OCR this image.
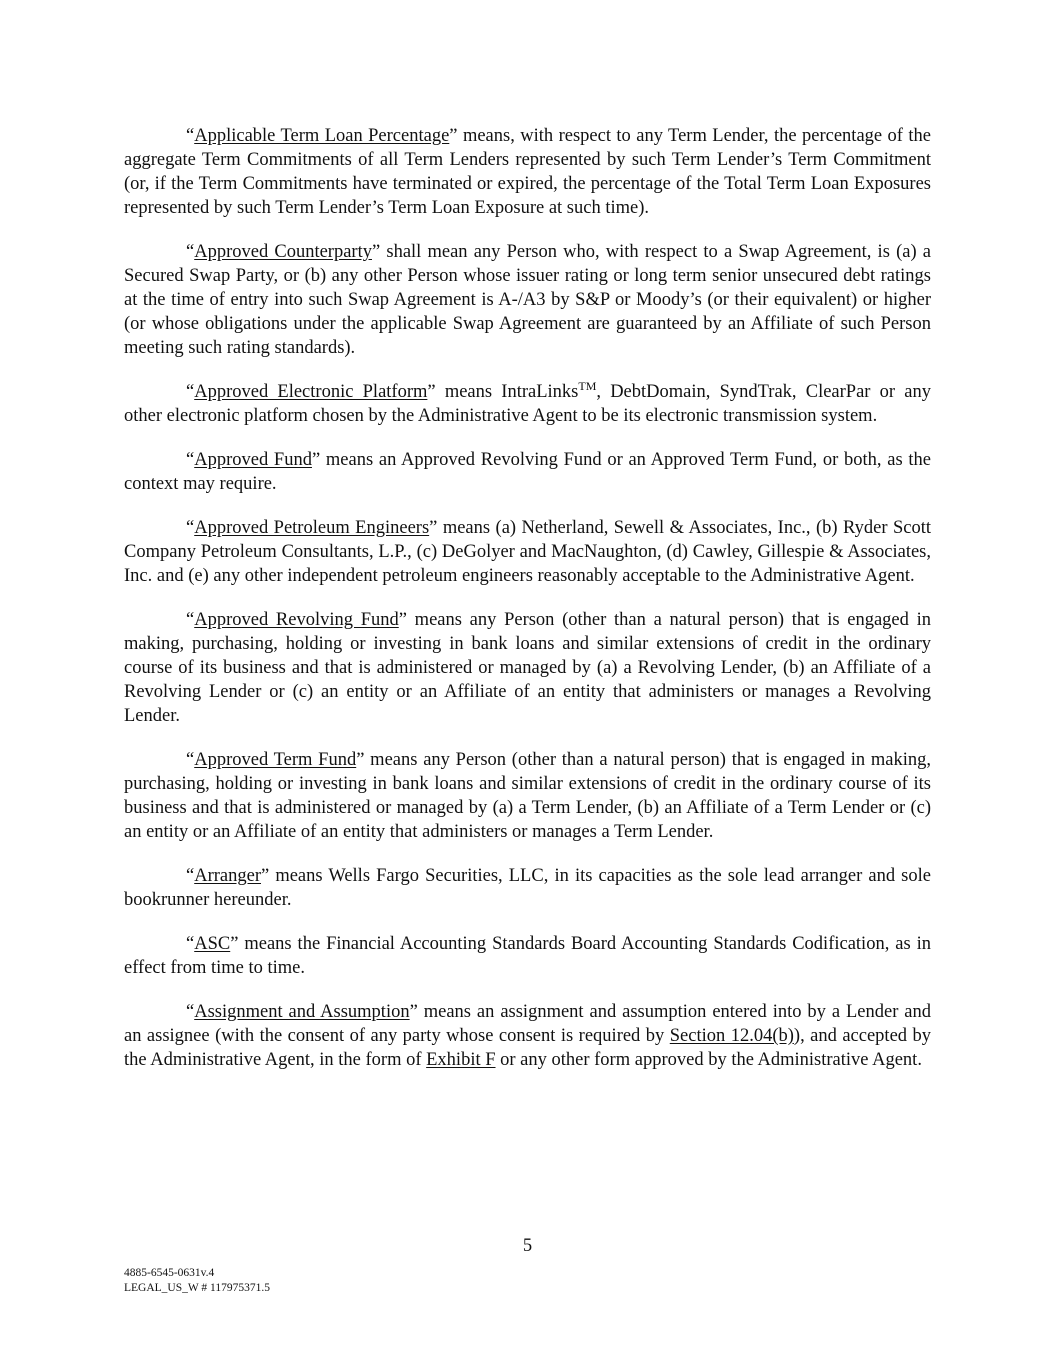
“Applicable Term Loan Percentage” means, with respect to any Term Lender, the percentage of the aggregate Term Commitments of all Term Lenders represented by such Term Lender’s Term Commitment (or, if the Term Commitments have terminated or expired, the percentage of the Total Term Loan Exposures represented by such Term Lender’s Term Loan Exposure at such time).

“Approved Counterparty” shall mean any Person who, with respect to a Swap Agreement, is (a) a Secured Swap Party, or (b) any other Person whose issuer rating or long term senior unsecured debt ratings at the time of entry into such Swap Agreement is A-/A3 by S&P or Moody’s (or their equivalent) or higher (or whose obligations under the applicable Swap Agreement are guaranteed by an Affiliate of such Person meeting such rating standards).

“Approved Electronic Platform” means IntraLinks™, DebtDomain, SyndTrak, ClearPar or any other electronic platform chosen by the Administrative Agent to be its electronic transmission system.

“Approved Fund” means an Approved Revolving Fund or an Approved Term Fund, or both, as the context may require.

“Approved Petroleum Engineers” means (a) Netherland, Sewell & Associates, Inc., (b) Ryder Scott Company Petroleum Consultants, L.P., (c) DeGolyer and MacNaughton, (d) Cawley, Gillespie & Associates, Inc. and (e) any other independent petroleum engineers reasonably acceptable to the Administrative Agent.

“Approved Revolving Fund” means any Person (other than a natural person) that is engaged in making, purchasing, holding or investing in bank loans and similar extensions of credit in the ordinary course of its business and that is administered or managed by (a) a Revolving Lender, (b) an Affiliate of a Revolving Lender or (c) an entity or an Affiliate of an entity that administers or manages a Revolving Lender.

“Approved Term Fund” means any Person (other than a natural person) that is engaged in making, purchasing, holding or investing in bank loans and similar extensions of credit in the ordinary course of its business and that is administered or managed by (a) a Term Lender, (b) an Affiliate of a Term Lender or (c) an entity or an Affiliate of an entity that administers or manages a Term Lender.

“Arranger” means Wells Fargo Securities, LLC, in its capacities as the sole lead arranger and sole bookrunner hereunder.

“ASC” means the Financial Accounting Standards Board Accounting Standards Codification, as in effect from time to time.

“Assignment and Assumption” means an assignment and assumption entered into by a Lender and an assignee (with the consent of any party whose consent is required by Section 12.04(b)), and accepted by the Administrative Agent, in the form of Exhibit F or any other form approved by the Administrative Agent.

5
4885-6545-0631v.4
LEGAL_US_W # 117975371.5
